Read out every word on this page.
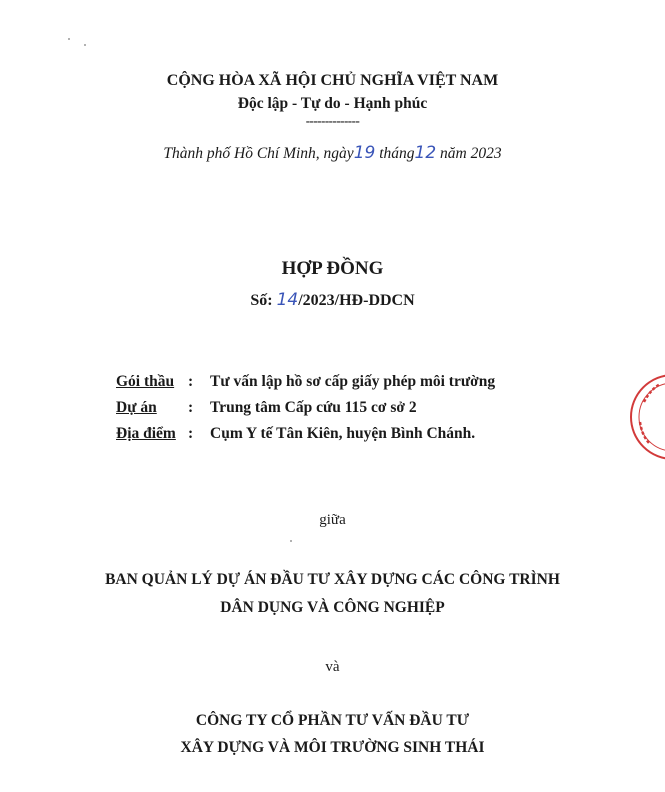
CỘNG HÒA XÃ HỘI CHỦ NGHĨA VIỆT NAM
Độc lập - Tự do - Hạnh phúc
--------------
Thành phố Hồ Chí Minh, ngày19 tháng12 năm 2023
HỢP ĐỒNG
Số: 14/2023/HĐ-DDCN
Gói thầu : Tư vấn lập hồ sơ cấp giấy phép môi trường
Dự án : Trung tâm Cấp cứu 115 cơ sở 2
Địa điểm : Cụm Y tế Tân Kiên, huyện Bình Chánh.
giữa
BAN QUẢN LÝ DỰ ÁN ĐẦU TƯ XÂY DỰNG CÁC CÔNG TRÌNH
DÂN DỤNG VÀ CÔNG NGHIỆP
và
CÔNG TY CỔ PHẦN TƯ VẤN ĐẦU TƯ
XÂY DỰNG VÀ MÔI TRƯỜNG SINH THÁI
